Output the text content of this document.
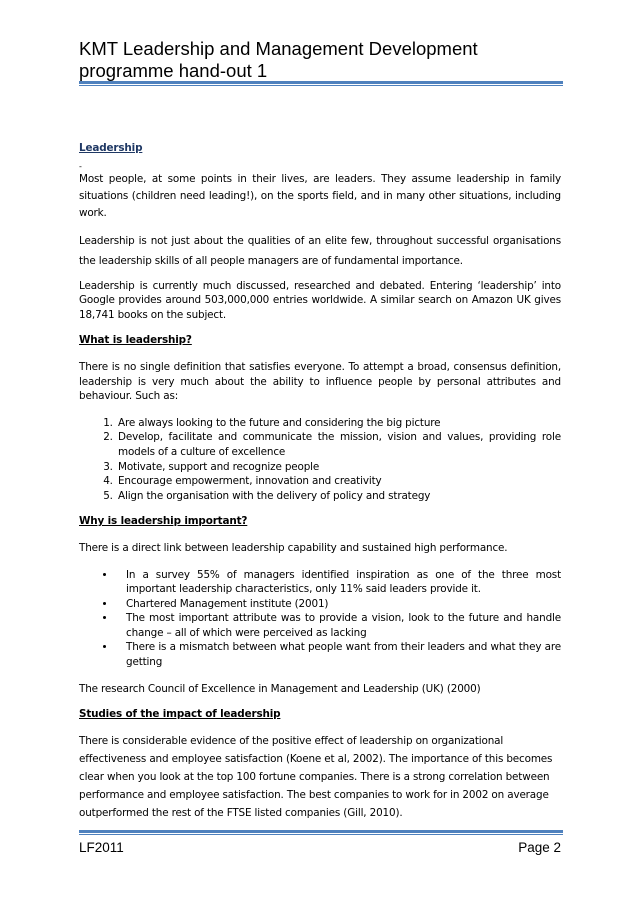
KMT Leadership and Management Development programme hand-out 1
Leadership
-

Most people, at some points in their lives, are leaders. They assume leadership in family situations (children need leading!), on the sports field, and in many other situations, including work.

Leadership is not just about the qualities of an elite few, throughout successful organisations the leadership skills of all people managers are of fundamental importance.

Leadership is currently much discussed, researched and debated. Entering ‘leadership’ into Google provides around 503,000,000 entries worldwide. A similar search on Amazon UK gives 18,741 books on the subject.

What is leadership?

There is no single definition that satisfies everyone. To attempt a broad, consensus definition, leadership is very much about the ability to influence people by personal attributes and behaviour. Such as:

1. Are always looking to the future and considering the big picture
2. Develop, facilitate and communicate the mission, vision and values, providing role models of a culture of excellence
3. Motivate, support and recognize people
4. Encourage empowerment, innovation and creativity
5. Align the organisation with the delivery of policy and strategy
Why is leadership important?

There is a direct link between leadership capability and sustained high performance.

• In a survey 55% of managers identified inspiration as one of the three most important leadership characteristics, only 11% said leaders provide it.
• Chartered Management institute (2001)
• The most important attribute was to provide a vision, look to the future and handle change – all of which were perceived as lacking
• There is a mismatch between what people want from their leaders and what they are getting

The research Council of Excellence in Management and Leadership (UK) (2000)

Studies of the impact of leadership

There is considerable evidence of the positive effect of leadership on organizational effectiveness and employee satisfaction (Koene et al, 2002). The importance of this becomes clear when you look at the top 100 fortune companies. There is a strong correlation between performance and employee satisfaction. The best companies to work for in 2002 on average outperformed the rest of the FTSE listed companies (Gill, 2010).

LF2011	Page 2
